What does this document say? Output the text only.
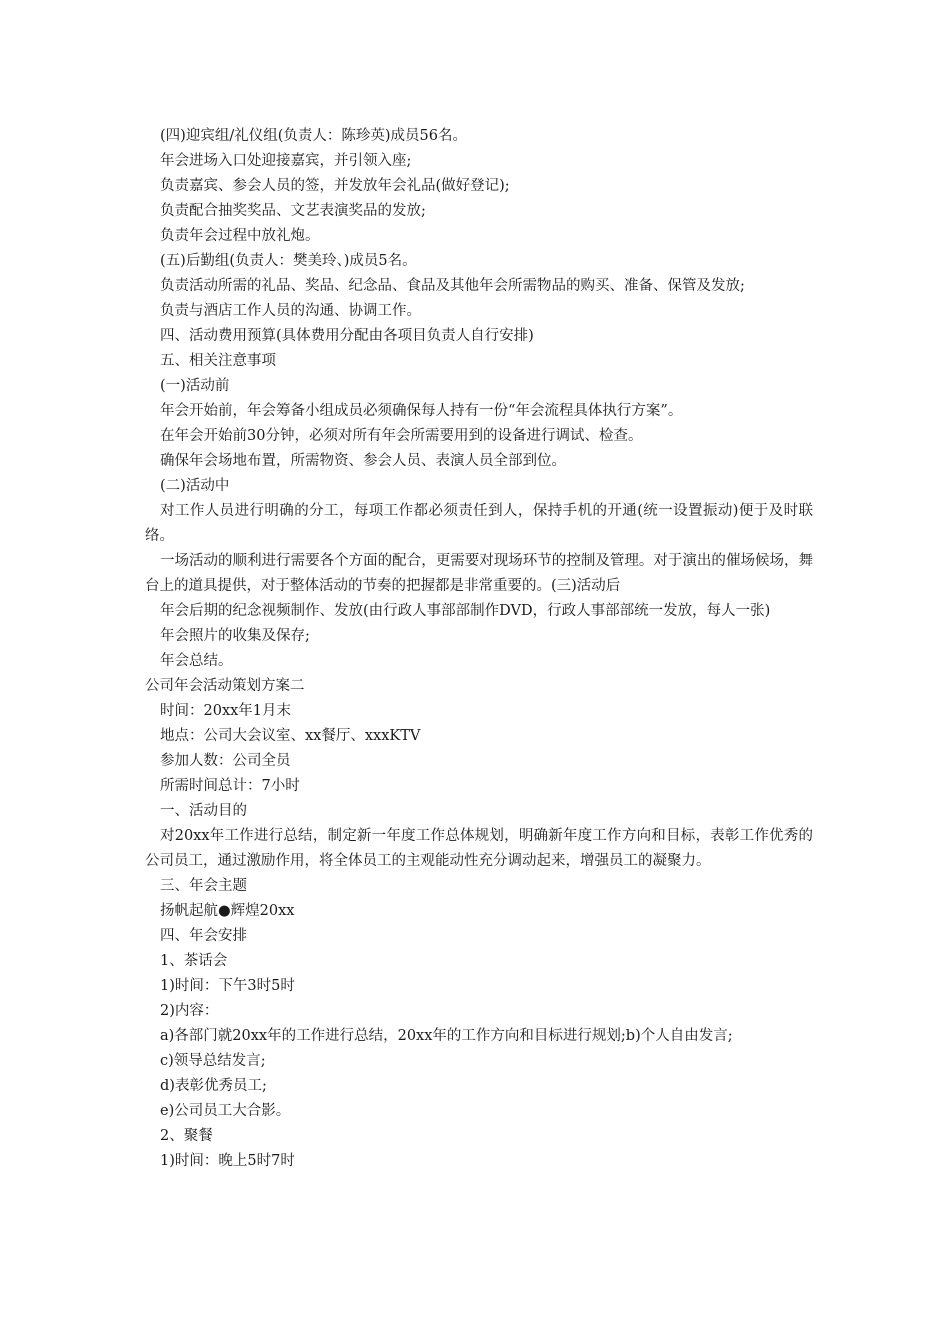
(四)迎宾组/礼仪组(负责人：陈珍英)成员56名。

年会进场入口处迎接嘉宾，并引领入座;

负责嘉宾、参会人员的签，并发放年会礼品(做好登记);

负责配合抽奖奖品、文艺表演奖品的发放;

负责年会过程中放礼炮。

(五)后勤组(负责人：樊美玲、)成员5名。

负责活动所需的礼品、奖品、纪念品、食品及其他年会所需物品的购买、准备、保管及发放;

负责与酒店工作人员的沟通、协调工作。

四、活动费用预算(具体费用分配由各项目负责人自行安排)

五、相关注意事项

(一)活动前

年会开始前，年会筹备小组成员必须确保每人持有一份“年会流程具体执行方案”。

在年会开始前30分钟，必须对所有年会所需要用到的设备进行调试、检查。

确保年会场地布置，所需物资、参会人员、表演人员全部到位。

(二)活动中

对工作人员进行明确的分工，每项工作都必须责任到人，保持手机的开通(统一设置振动)便于及时联络。

一场活动的顺利进行需要各个方面的配合，更需要对现场环节的控制及管理。对于演出的催场候场，舞台上的道具提供，对于整体活动的节奏的把握都是非常重要的。(三)活动后

年会后期的纪念视频制作、发放(由行政人事部部制作DVD，行政人事部部统一发放，每人一张)

年会照片的收集及保存;

年会总结。

公司年会活动策划方案二

时间：20xx年1月末

地点：公司大会议室、xx餐厅、xxxKTV

参加人数：公司全员

所需时间总计：7小时

一、活动目的

对20xx年工作进行总结，制定新一年度工作总体规划，明确新年度工作方向和目标，表彰工作优秀的公司员工，通过激励作用，将全体员工的主观能动性充分调动起来，增强员工的凝聚力。

三、年会主题

扬帆起航●辉煌20xx

四、年会安排

1、茶话会

1)时间：下午3时5时

2)内容：

a)各部门就20xx年的工作进行总结，20xx年的工作方向和目标进行规划;b)个人自由发言;

c)领导总结发言;

d)表彰优秀员工;

e)公司员工大合影。

2、聚餐

1)时间：晚上5时7时
